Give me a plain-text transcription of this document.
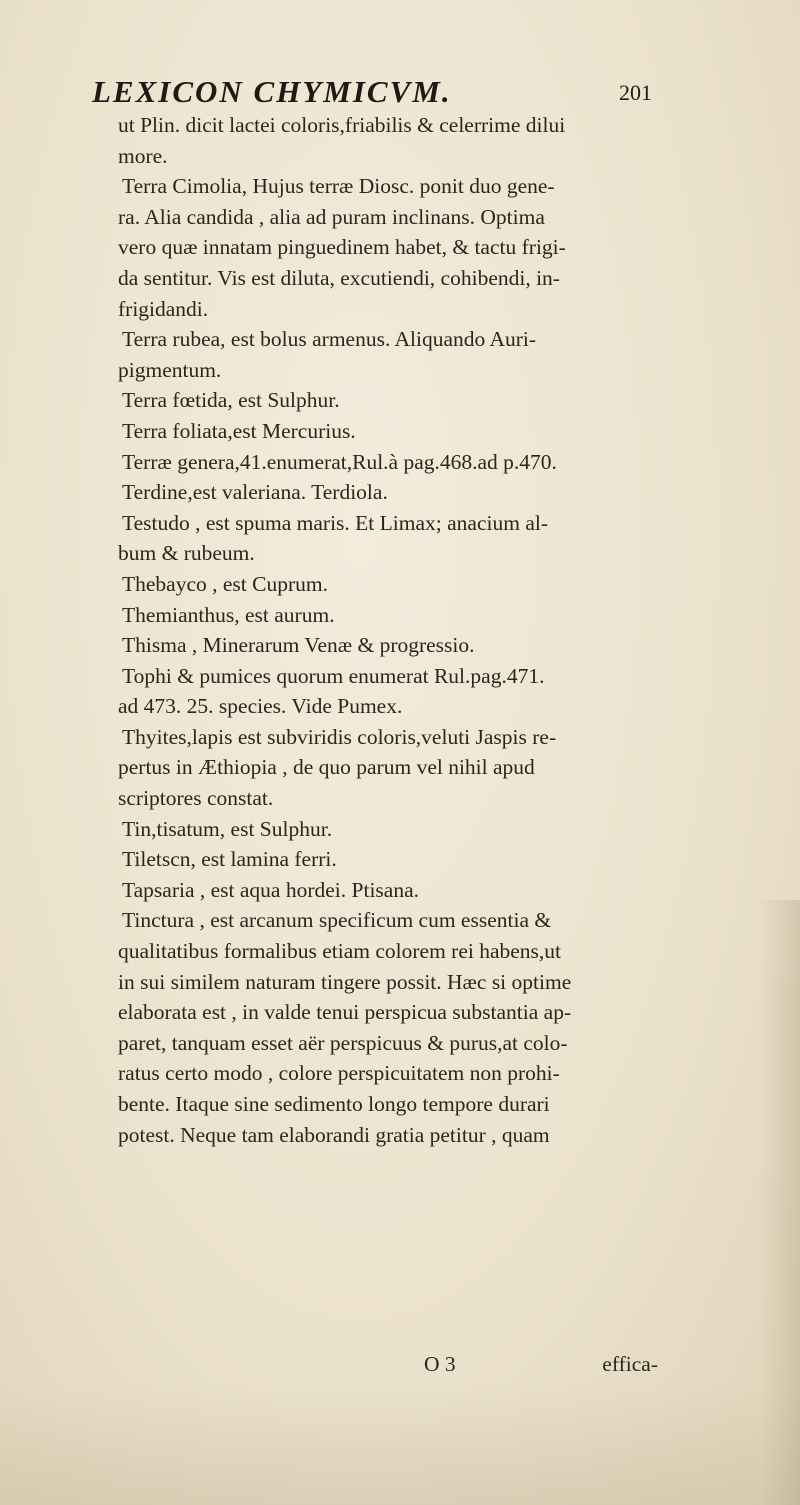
LEXICON CHYMICVM.	201
ut Plin. dicit lactei coloris,friabilis & celerrime dilui
more.
Terra Cimolia, Hujus terræ Diosc. ponit duo gene-
ra. Alia candida , alia ad puram inclinans. Optima
vero quæ innatam pinguedinem habet, & tactu frigi-
da sentitur. Vis est diluta, excutiendi, cohibendi, in-
frigidandi.
Terra rubea, est bolus armenus. Aliquando Auri-
pigmentum.
Terra fœtida, est Sulphur.
Terra foliata,est Mercurius.
Terræ genera,41.enumerat,Rul.à pag.468.ad p.470.
Terdine,est valeriana. Terdiola.
Testudo , est spuma maris. Et Limax; anacium al-
bum & rubeum.
Thebayco , est Cuprum.
Themianthus, est aurum.
Thisma , Minerarum Venæ & progressio.
Tophi & pumices quorum enumerat Rul.pag.471.
ad 473. 25. species. Vide Pumex.
Thyites,lapis est subviridis coloris,veluti Jaspis re-
pertus in Æthiopia , de quo parum vel nihil apud
scriptores constat.
Tin,tisatum, est Sulphur.
Tiletscn, est lamina ferri.
Tapsaria , est aqua hordei. Ptisana.
Tinctura , est arcanum specificum cum essentia &
qualitatibus formalibus etiam colorem rei habens,ut
in sui similem naturam tingere possit. Hæc si optime
elaborata est , in valde tenui perspicua substantia ap-
paret, tanquam esset aër perspicuus & purus,at colo-
ratus certo modo , colore perspicuitatem non prohi-
bente. Itaque sine sedimento longo tempore durari
potest. Neque tam elaborandi gratia petitur , quam
O 3	effica-
